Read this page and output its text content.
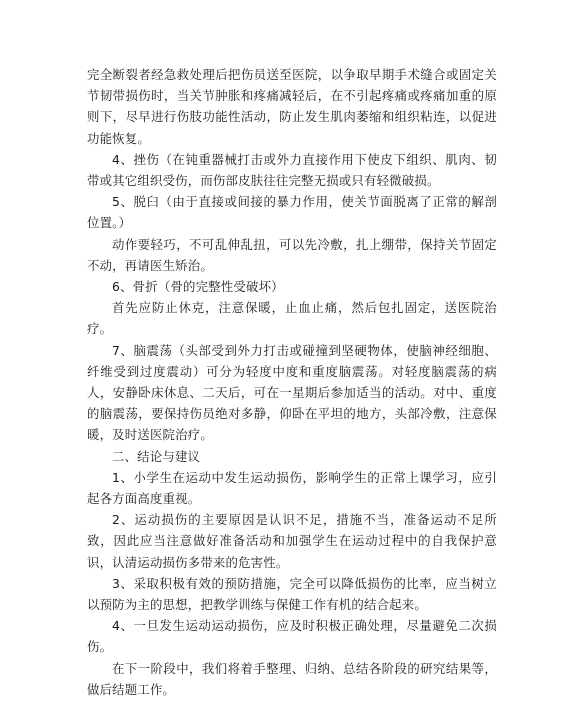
完全断裂者经急救处理后把伤员送至医院，以争取早期手术缝合或固定关节韧带损伤时，当关节肿胀和疼痛减轻后，在不引起疼痛或疼痛加重的原则下，尽早进行伤肢功能性活动，防止发生肌肉萎缩和组织粘连，以促进功能恢复。

4、挫伤（在钝重器械打击或外力直接作用下使皮下组织、肌肉、韧带或其它组织受伤，而伤部皮肤往往完整无损或只有轻微破损。

5、脱臼（由于直接或间接的暴力作用，使关节面脱离了正常的解剖位置。）

动作要轻巧，不可乱伸乱扭，可以先冷敷，扎上绷带，保持关节固定不动，再请医生矫治。

6、骨折（骨的完整性受破坏）

首先应防止休克，注意保暖，止血止痛，然后包扎固定，送医院治疗。

7、脑震荡（头部受到外力打击或碰撞到坚硬物体，使脑神经细胞、纤维受到过度震动）可分为轻度中度和重度脑震荡。对轻度脑震荡的病人，安静卧床休息、二天后，可在一星期后参加适当的活动。对中、重度的脑震荡，要保持伤员绝对多静，仰卧在平坦的地方，头部冷敷，注意保暖，及时送医院治疗。

二、结论与建议

1、小学生在运动中发生运动损伤，影响学生的正常上课学习，应引起各方面高度重视。

2、运动损伤的主要原因是认识不足，措施不当，准备运动不足所致，因此应当注意做好准备活动和加强学生在运动过程中的自我保护意识，认清运动损伤多带来的危害性。

3、采取积极有效的预防措施，完全可以降低损伤的比率，应当树立以预防为主的思想，把教学训练与保健工作有机的结合起来。

4、一旦发生运动运动损伤，应及时积极正确处理，尽量避免二次损伤。

在下一阶段中，我们将着手整理、归纳、总结各阶段的研究结果等，做后结题工作。
